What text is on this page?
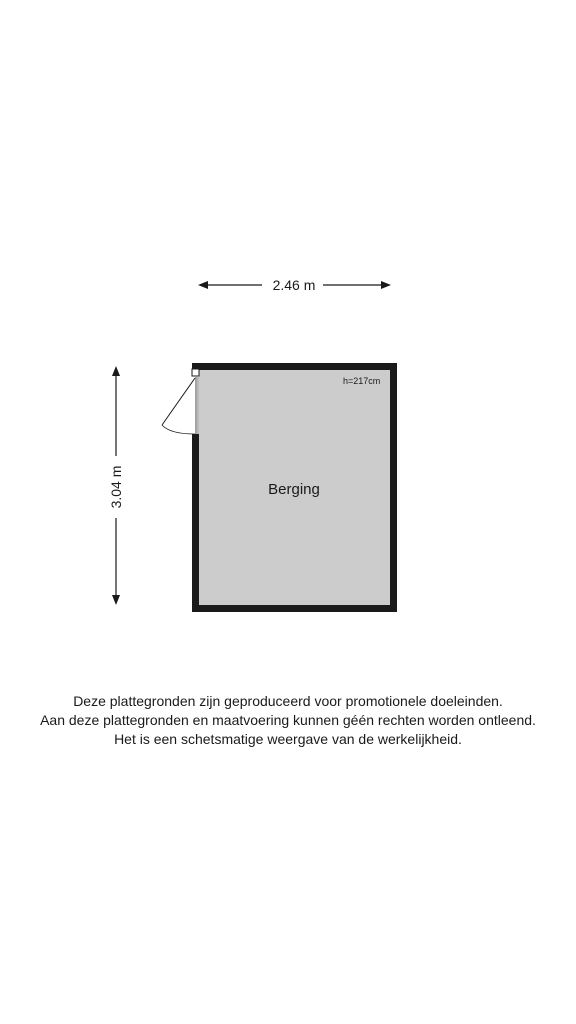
2.46 m
3.04 m
h=217cm
Berging
Deze plattegronden zijn geproduceerd voor promotionele doeleinden.
Aan deze plattegronden en maatvoering kunnen géén rechten worden ontleend.
Het is een schetsmatige weergave van de werkelijkheid.
